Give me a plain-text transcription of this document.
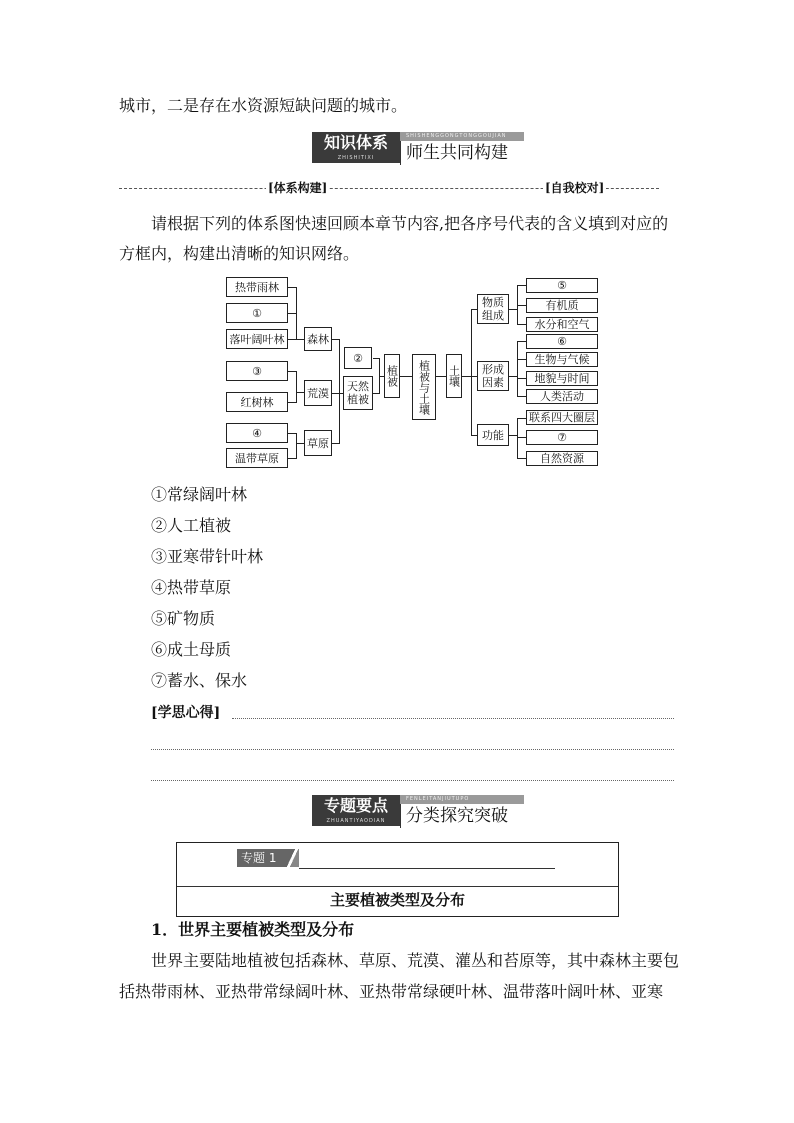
城市，二是存在水资源短缺问题的城市。
知识体系
ZHISHITIXI
SHISHENGGONGTONGGOUJIAN
师生共同构建
[体系构建]	[自我校对]
请根据下列的体系图快速回顾本章节内容,把各序号代表的含义填到对应的
方框内，构建出清晰的知识网络。
热带雨林
①
落叶阔叶林
③
红树林
④
温带草原
森林
荒漠
草原
②
天然植被
植被	植被与土壤	土壤
物质组成
形成因素
功能
⑤
有机质
水分和空气
⑥
生物与气候
地貌与时间
人类活动
联系四大圈层
⑦
自然资源
①常绿阔叶林
②人工植被
③亚寒带针叶林
④热带草原
⑤矿物质
⑥成土母质
⑦蓄水、保水
[学思心得]
专题要点
ZHUANTIYAODIAN
FENLEITANJIUTUPO
分类探究突破
专题 1
主要植被类型及分布
1．世界主要植被类型及分布
世界主要陆地植被包括森林、草原、荒漠、灌丛和苔原等，其中森林主要包
括热带雨林、亚热带常绿阔叶林、亚热带常绿硬叶林、温带落叶阔叶林、亚寒
